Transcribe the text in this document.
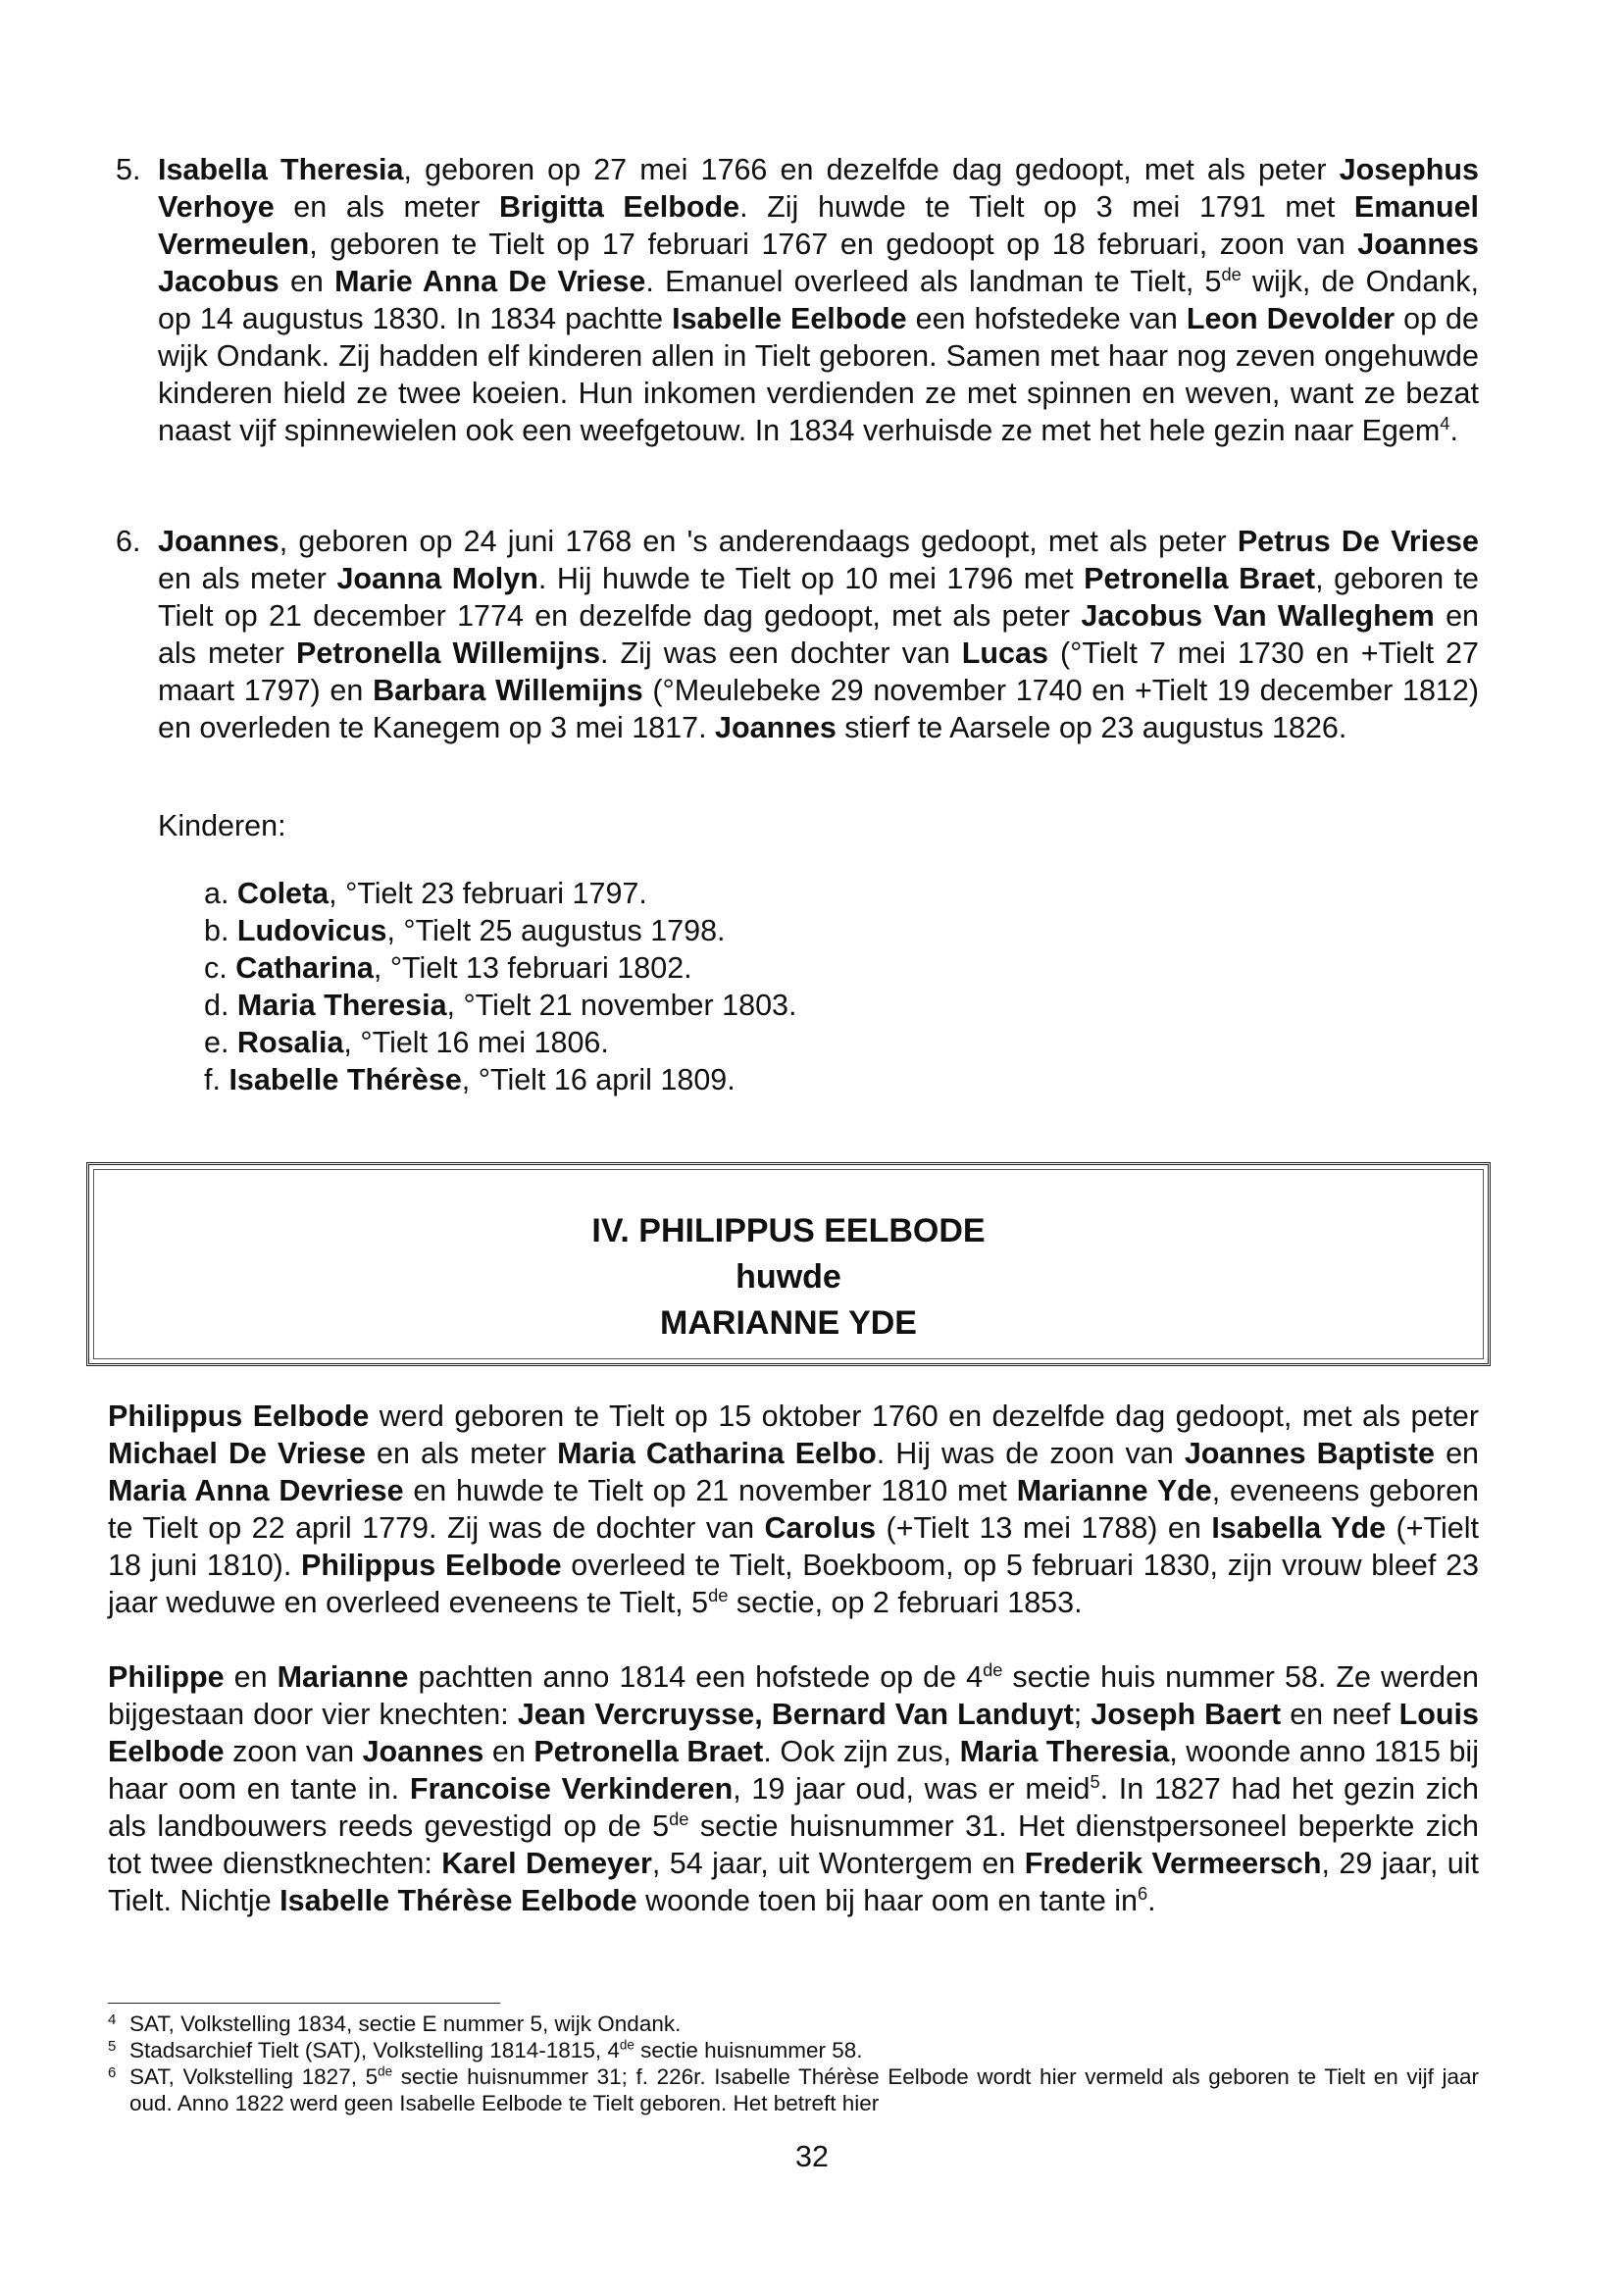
5. Isabella Theresia, geboren op 27 mei 1766 en dezelfde dag gedoopt, met als peter Josephus Verhoye en als meter Brigitta Eelbode. Zij huwde te Tielt op 3 mei 1791 met Emanuel Vermeulen, geboren te Tielt op 17 februari 1767 en gedoopt op 18 februari, zoon van Joannes Jacobus en Marie Anna De Vriese. Emanuel overleed als landman te Tielt, 5de wijk, de Ondank, op 14 augustus 1830. In 1834 pachtte Isabelle Eelbode een hofstedeke van Leon Devolder op de wijk Ondank. Zij hadden elf kinderen allen in Tielt geboren. Samen met haar nog zeven ongehuwde kinderen hield ze twee koeien. Hun inkomen verdienden ze met spinnen en weven, want ze bezat naast vijf spinnewielen ook een weefgetouw. In 1834 verhuisde ze met het hele gezin naar Egem$^4$.
6. Joannes, geboren op 24 juni 1768 en 's anderendaags gedoopt, met als peter Petrus De Vriese en als meter Joanna Molyn. Hij huwde te Tielt op 10 mei 1796 met Petronella Braet, geboren te Tielt op 21 december 1774 en dezelfde dag gedoopt, met als peter Jacobus Van Walleghem en als meter Petronella Willemijns. Zij was een dochter van Lucas (°Tielt 7 mei 1730 en +Tielt 27 maart 1797) en Barbara Willemijns (°Meulebeke 29 november 1740 en +Tielt 19 december 1812) en overleden te Kanegem op 3 mei 1817. Joannes stierf te Aarsele op 23 augustus 1826.
Kinderen:
a. Coleta, °Tielt 23 februari 1797.
b. Ludovicus, °Tielt 25 augustus 1798.
c. Catharina, °Tielt 13 februari 1802.
d. Maria Theresia, °Tielt 21 november 1803.
e. Rosalia, °Tielt 16 mei 1806.
f. Isabelle Thérèse, °Tielt 16 april 1809.
IV. PHILIPPUS EELBODE
huwde
MARIANNE YDE
Philippus Eelbode werd geboren te Tielt op 15 oktober 1760 en dezelfde dag gedoopt, met als peter Michael De Vriese en als meter Maria Catharina Eelbo. Hij was de zoon van Joannes Baptiste en Maria Anna Devriese en huwde te Tielt op 21 november 1810 met Marianne Yde, eveneens geboren te Tielt op 22 april 1779. Zij was de dochter van Carolus (+Tielt 13 mei 1788) en Isabella Yde (+Tielt 18 juni 1810). Philippus Eelbode overleed te Tielt, Boekboom, op 5 februari 1830, zijn vrouw bleef 23 jaar weduwe en overleed eveneens te Tielt, 5de sectie, op 2 februari 1853.
Philippe en Marianne pachtten anno 1814 een hofstede op de 4de sectie huis nummer 58. Ze werden bijgestaan door vier knechten: Jean Vercruysse, Bernard Van Landuyt; Joseph Baert en neef Louis Eelbode zoon van Joannes en Petronella Braet. Ook zijn zus, Maria Theresia, woonde anno 1815 bij haar oom en tante in. Francoise Verkinderen, 19 jaar oud, was er meid$^5$. In 1827 had het gezin zich als landbouwers reeds gevestigd op de 5de sectie huisnummer 31. Het dienstpersoneel beperkte zich tot twee dienstknechten: Karel Demeyer, 54 jaar, uit Wontergem en Frederik Vermeersch, 29 jaar, uit Tielt. Nichtje Isabelle Thérèse Eelbode woonde toen bij haar oom en tante $in^6$.
4 SAT, Volkstelling 1834, sectie E nummer 5, wijk Ondank.
5 Stadsarchief Tielt (SAT), Volkstelling 1814-1815, 4de sectie huisnummer 58.
6 SAT, Volkstelling 1827, 5de sectie huisnummer 31; f. 226r. Isabelle Thérèse Eelbode wordt hier vermeld als geboren te Tielt en vijf jaar oud. Anno 1822 werd geen Isabelle Eelbode te Tielt geboren. Het betreft hier
32
